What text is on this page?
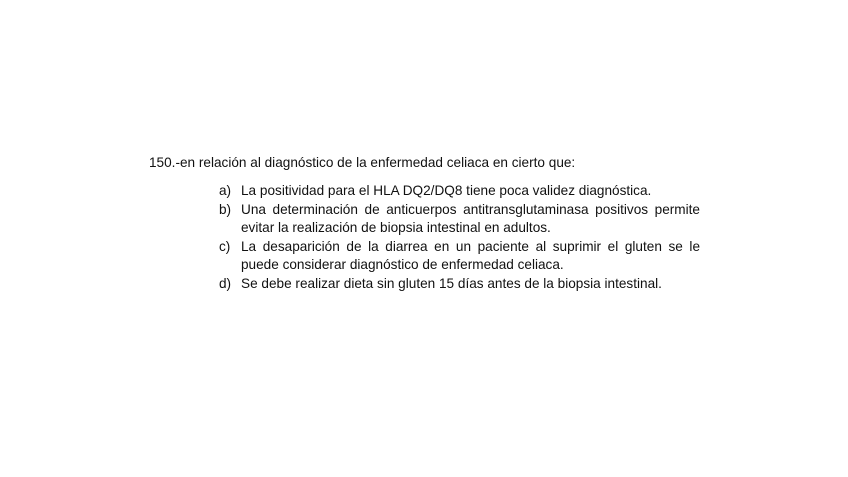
150.-en relación al diagnóstico de la enfermedad celiaca en cierto que:
a) La positividad para el HLA DQ2/DQ8 tiene poca validez diagnóstica.
b) Una determinación de anticuerpos antitransglutaminasa positivos permite evitar la realización de biopsia intestinal en adultos.
c) La desaparición de la diarrea en un paciente al suprimir el gluten se le puede considerar diagnóstico de enfermedad celiaca.
d) Se debe realizar dieta sin gluten 15 días antes de la biopsia intestinal.
